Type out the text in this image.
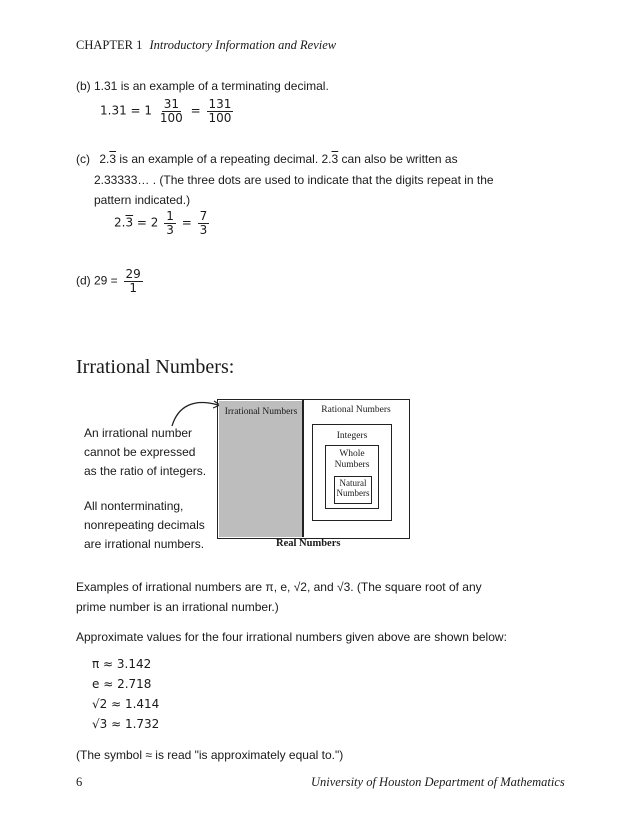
CHAPTER 1 Introductory Information and Review
(b) 1.31 is an example of a terminating decimal.
$1.31 = 1 \frac{31}{100} = \frac{131}{100}$
(c) 2.3 is an example of a repeating decimal. 2.3 can also be written as
2.33333… . (The three dots are used to indicate that the digits repeat in the
pattern indicated.)
$2.3 = 2 \frac{1}{3} = \frac{7}{3}$
(d) $29 = \frac{29}{1}$
Irrational Numbers:
An irrational number
cannot be expressed
as the ratio of integers.
All nonterminating,
nonrepeating decimals
are irrational numbers.
Irrational Numbers	Rational Numbers
Integers
Whole Numbers
Natural Numbers
Real Numbers
Examples of irrational numbers are π, e, √2, and √3. (The square root of any
prime number is an irrational number.)
Approximate values for the four irrational numbers given above are shown below:
π ≈ 3.142
e ≈ 2.718
√2 ≈ 1.414
√3 ≈ 1.732
(The symbol ≈ is read "is approximately equal to.")
6	University of Houston Department of Mathematics
